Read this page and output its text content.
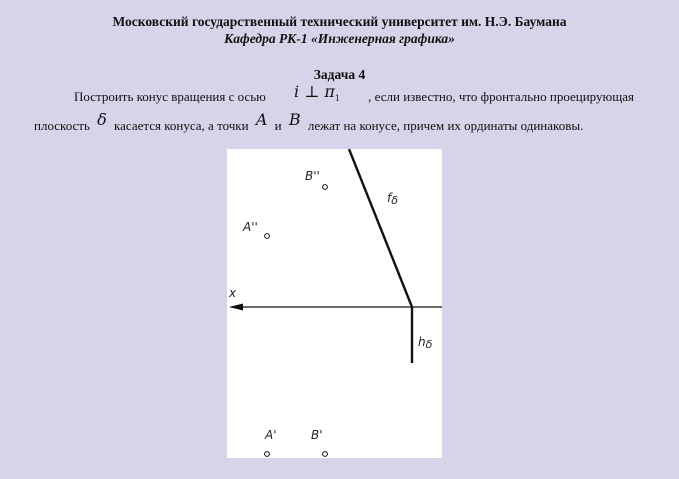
Московский государственный технический университет им. Н.Э. Баумана
Кафедра РК-1 «Инженерная графика»
Задача 4
Построить конус вращения с осью i ⊥ $\pi_1$ , если известно, что фронтально проецирующая
плоскость δ касается конуса, а точки A и B лежат на конусе, причем их ординаты одинаковы.
x
fδ
hδ
B''
A''
A'	B'
